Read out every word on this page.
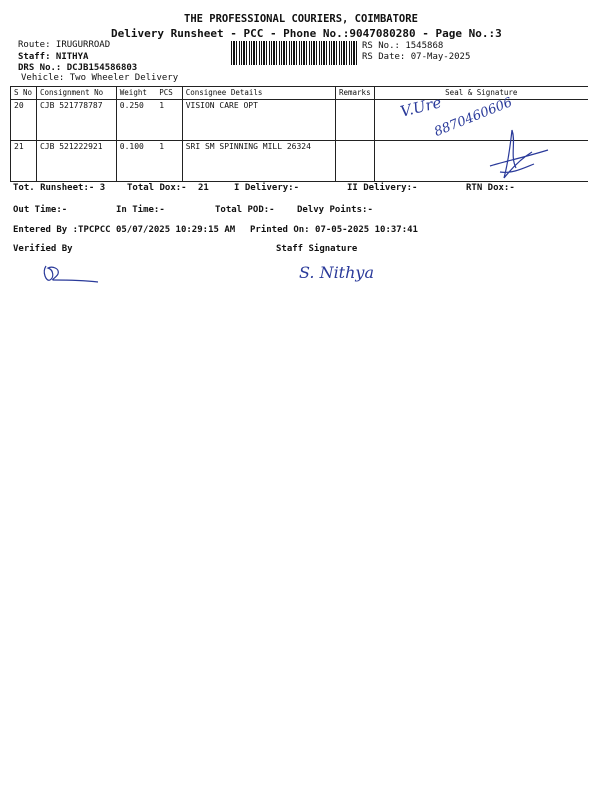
THE PROFESSIONAL COURIERS, COIMBATORE
Delivery Runsheet - PCC - Phone No.:9047080280 - Page No.:3
Route: IRUGURROAD
Staff: NITHYA
DRS No.: DCJB154586803
Vehicle: Two Wheeler Delivery
RS No.: 1545868
RS Date: 07-May-2025
S No	Consignment No	Weight	PCS	Consignee Details	Remarks	Seal & Signature
20	CJB 521778787	0.250	1	VISION CARE OPT		
21	CJB 521222921	0.100	1	SRI SM SPINNING MILL 26324		
V.Ure
8870460606
Tot. Runsheet:- 3 Total Dox:- 21	I Delivery:-	II Delivery:-	RTN Dox:-
Out Time:-	In Time:-	Total POD:- Delvy Points:-
Entered By :TPCPCC 05/07/2025 10:29:15 AM Printed On: 07-05-2025 10:37:41
Verified By	Staff Signature
S. Nithya
